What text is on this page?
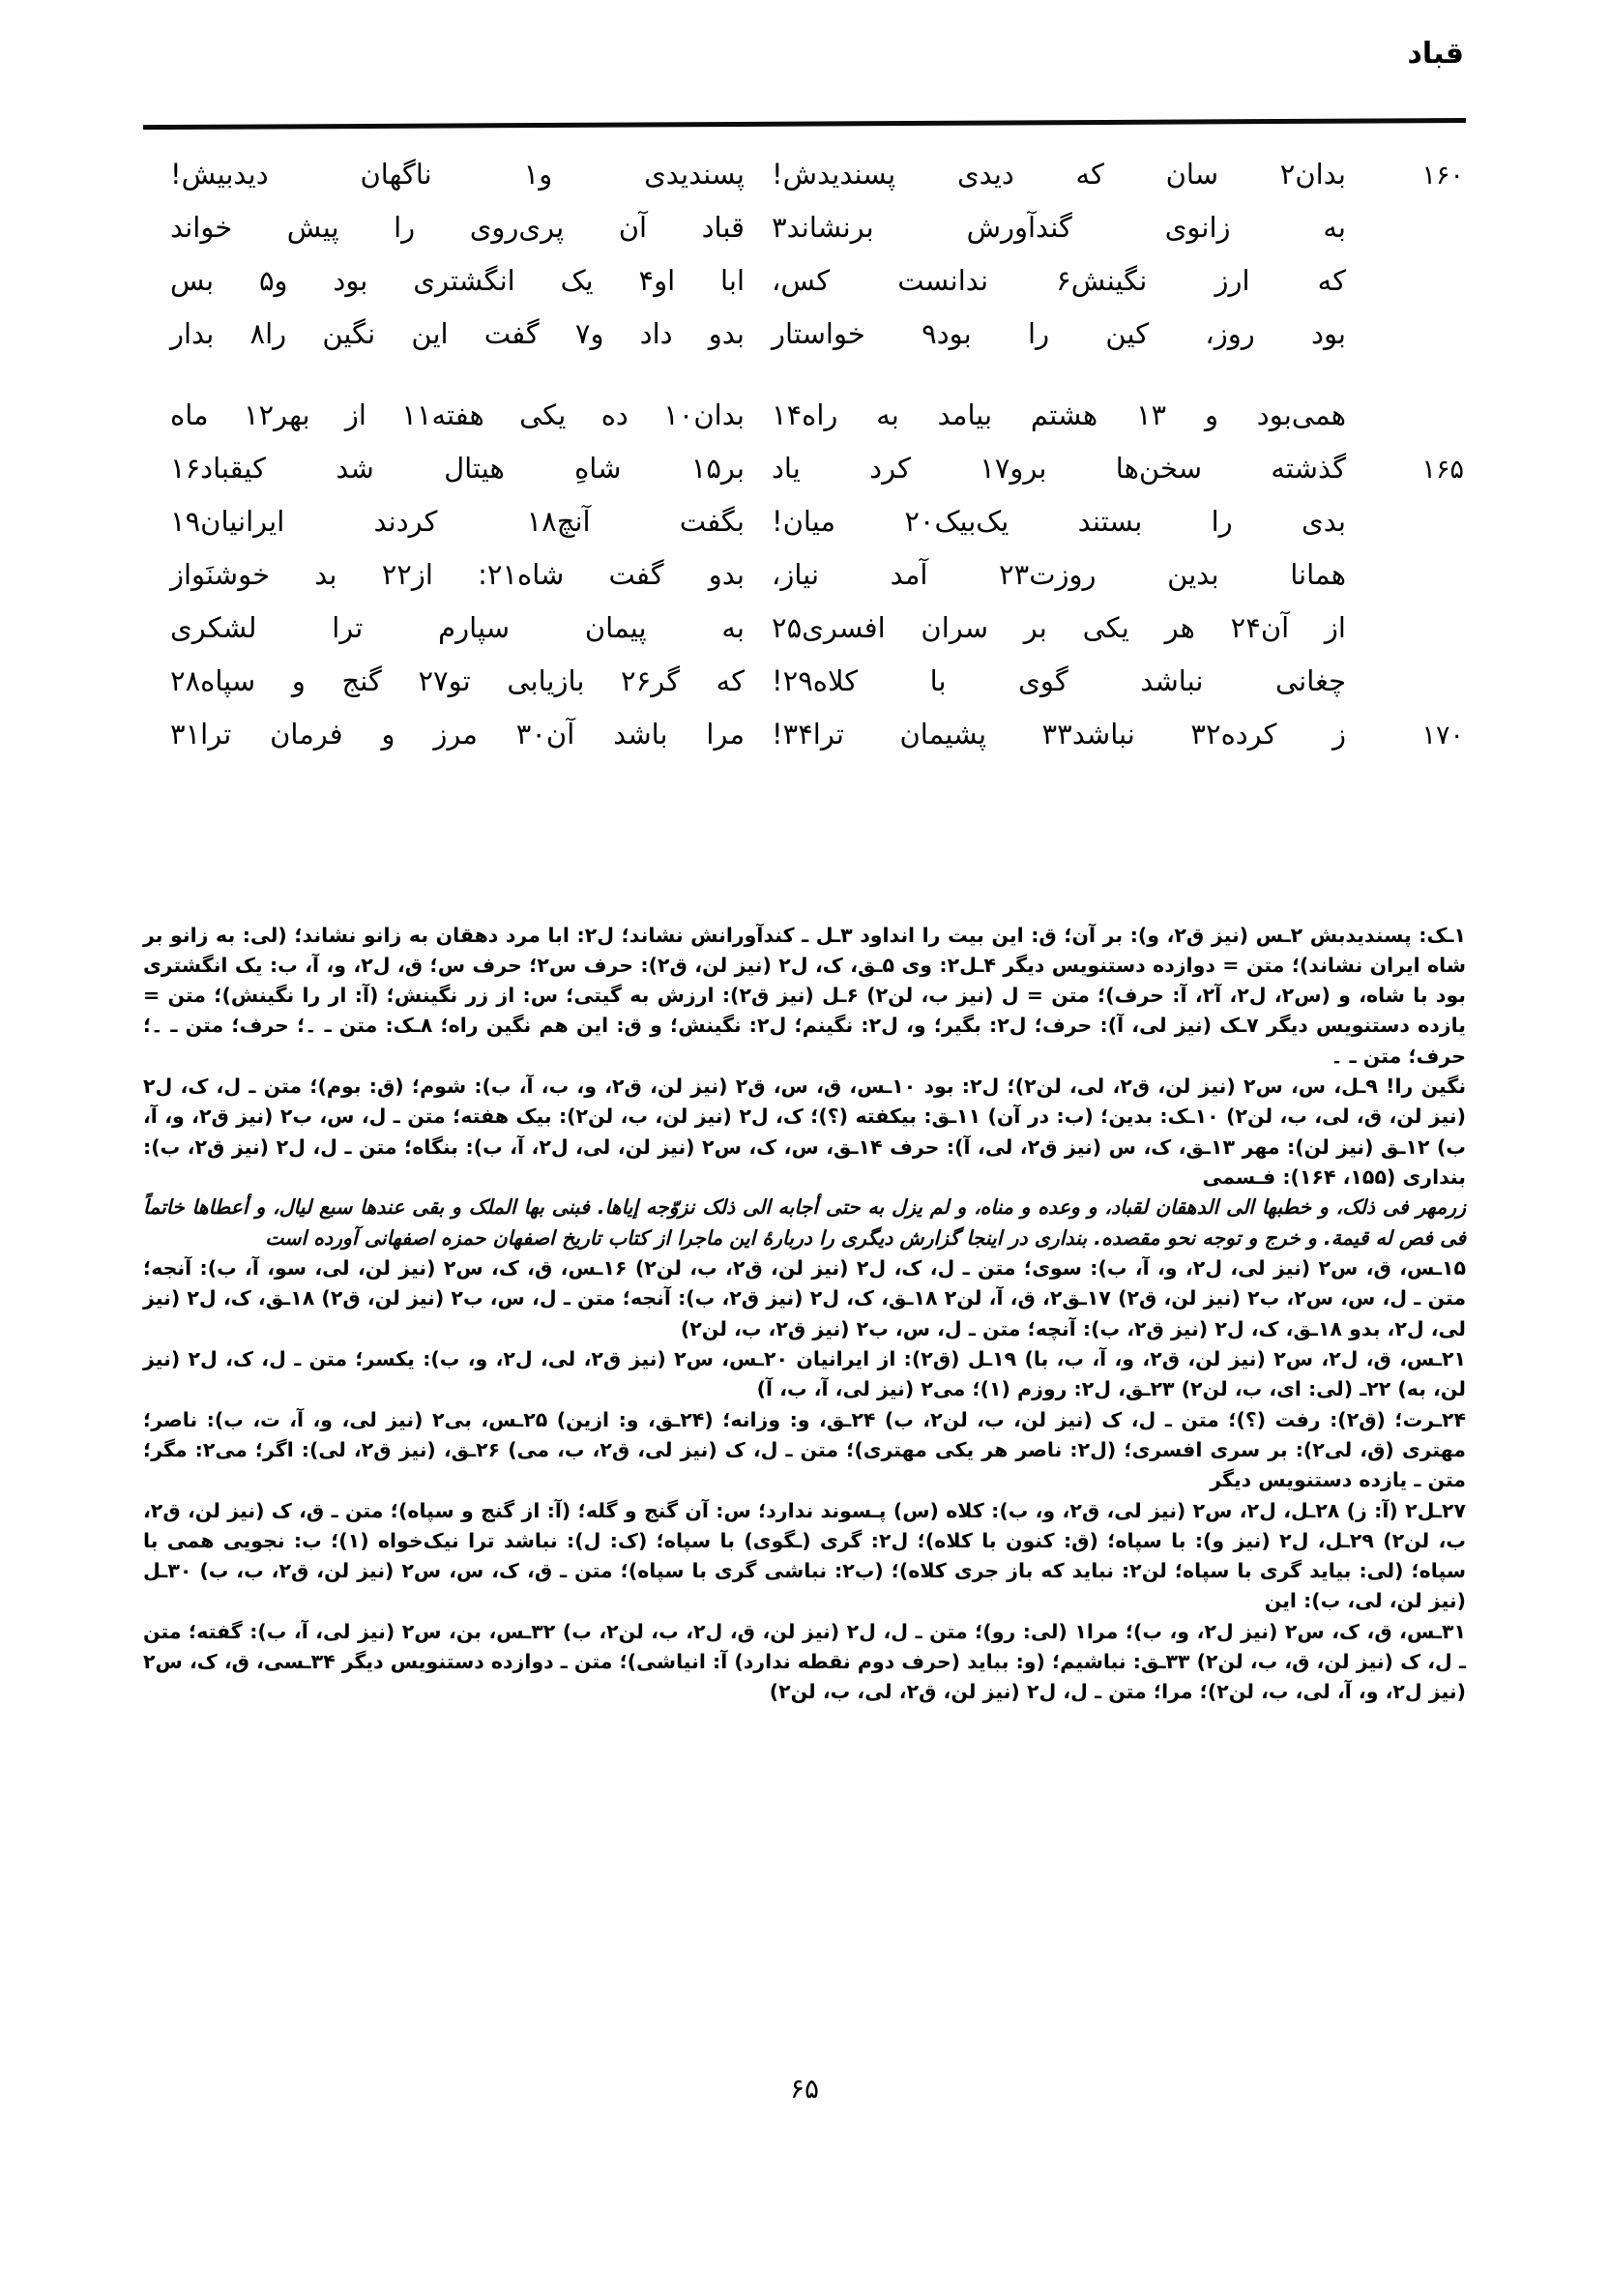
قباد
۱۶۰
بدان۲ سان که دیدی پسندیدش!
پسندیدی و۱ ناگهان دیدبیش!
به زانوی گندآورش برنشاند۳
قباد آن پری‌روی را پیش خواند
که ارز نگینش۶ ندانست کس،
ابا او۴ یک انگشتری بود و۵ بس
بود روز، کین را بود۹ خواستار
بدو داد و۷ گفت این نگین را۸ بدار
همی‌بود و ۱۳ هشتم بیامد به راه۱۴
بدان۱۰ ده یکی هفته۱۱ از بهر۱۲ ماه
۱۶۵
گذشته سخن‌ها برو۱۷ کرد یاد
بر۱۵ شاهِ هیتال شد کیقباد۱۶
بدی را بستند یک‌بیک۲۰ میان!
بگفت آنچ۱۸ کردند ایرانیان۱۹
همانا بدین روزت۲۳ آمد نیاز،
بدو گفت شاه۲۱: از۲۲ بد خوشنَواز
از آن۲۴ هر یکی بر سران افسری۲۵
به پیمان سپارم ترا لشکری
چغانی نباشد گوی با کلاه۲۹!
که گر۲۶ بازیابی تو۲۷ گنج و سپاه۲۸
۱۷۰
ز کرده۳۲ نباشد۳۳ پشیمان ترا۳۴!
مرا باشد آن۳۰ مرز و فرمان ترا۳۱

۱ـک: پسندیدبش ۲ـس (نیز ق۲، و): بر آن؛ ق: این بیت را انداود ۳ـل ـ کندآورانش نشاند؛ ل۲: ابا مرد دهقان به زانو نشاند؛ (لی: به زانو بر شاه ایران نشاند)؛ متن = دوازده دستنویس دیگر ۴ـل۲: وی ۵ـق، ک، ل۲ (نیز لن، ق۲): حرف س۲؛ حرف س؛ ق، ل۲، و، آ، ب: یک انگشتری بود با شاه، و (س۲، ل۲، آ۲، آ: حرف)؛ متن = ل (نیز ب، لن۲) ۶ـل (نیز ق۲): ارزش به گیتی؛ س: از زر نگینش؛ (آ: ار را نگینش)؛ متن = یازده دستنویس دیگر ۷ـک (نیز لی، آ): حرف؛ ل۲: بگیر؛ و، ل۲: نگینم؛ ل۲: نگینش؛ و ق: این هم نگین راه؛ ۸ـک: متن ـ ۔؛ حرف؛ متن ـ ۔؛ حرف؛ متن ـ ۔

نگین را! ۹ـل، س، س۲ (نیز لن، ق۲، لی، لن۲)؛ ل۲: بود ۱۰ـس، ق، س، ق۲ (نیز لن، ق۲، و، ب، آ، ب): شوم؛ (ق: بوم)؛ متن ـ ل، ک، ل۲ (نیز لن، ق، لی، ب، لن۲) ۱۰ـک: بدین؛ (ب: در آن) ۱۱ـق: بیکفته (؟)؛ ک، ل۲ (نیز لن، ب، لن۲): بیک هفته؛ متن ـ ل، س، ب۲ (نیز ق۲، و، آ، ب) ۱۲ـق (نیز لن): مهر ۱۳ـق، ک، س (نیز ق۲، لی، آ): حرف ۱۴ـق، س، ک، س۲ (نیز لن، لی، ل۲، آ، ب): بنگاه؛ متن ـ ل، ل۲ (نیز ق۲، ب): بنداری (۱۵۵، ۱۶۴): فـسمی

زرمهر فی ذلک، و خطبها الی الدهقان لقباد، و وعده و مناه، و لم یزل به حتی أجابه الی ذلک نزوّجه إیاها. فبنی بها الملک و بقی عندها سبع لیال، و أعطاها خاتماً فی فص له قیمة. و خرج و توجه نحو مقصده. بنداری در اینجا گزارش دیگری را دربارهٔ این ماجرا از کتاب تاریخ اصفهان حمزه اصفهانی آورده است

۱۵ـس، ق، س۲ (نیز لی، ل۲، و، آ، ب): سوی؛ متن ـ ل، ک، ل۲ (نیز لن، ق۲، ب، لن۲) ۱۶ـس، ق، ک، س۲ (نیز لن، لی، سو، آ، ب): آنجه؛ متن ـ ل، س، س۲، ب۲ (نیز لن، ق۲) ۱۷ـق۲، ق، آ، لن۲ ۱۸ـق، ک، ل۲ (نیز ق۲، ب): آنجه؛ متن ـ ل، س، ب۲ (نیز لن، ق۲) ۱۸ـق، ک، ل۲ (نیز لی، ل۲، بدو ۱۸ـق، ک، ل۲ (نیز ق۲، ب): آنچه؛ متن ـ ل، س، ب۲ (نیز ق۲، ب، لن۲)

۲۱ـس، ق، ل۲، س۲ (نیز لن، ق۲، و، آ، ب، با) ۱۹ـل (ق۲): از ایرانیان ۲۰ـس، س۲ (نیز ق۲، لی، ل۲، و، ب): یکسر؛ متن ـ ل، ک، ل۲ (نیز لن، به) ۲۲ـ (لی: ای، ب، لن۲) ۲۳ـق، ل۲: روزم (۱)؛ می۲ (نیز لی، آ، ب، آ)

۲۴ـرت؛ (ق۲): رفت (؟)؛ متن ـ ل، ک (نیز لن، ب، لن۲، ب) ۲۴ـق، و: وزانه؛ (۲۴ـق، و: ازین) ۲۵ـس، بی۲ (نیز لی، و، آ، ت، ب): ناصر؛ مهتری (ق، لی۲): بر سری افسری؛ (ل۲: ناصر هر یکی مهتری)؛ متن ـ ل، ک (نیز لی، ق۲، ب، می) ۲۶ـق، (نیز ق۲، لی): اگر؛ می۲: مگر؛ متن ـ یازده دستنویس دیگر

۲۷ـل۲ (آ: ز) ۲۸ـل، ل۲، س۲ (نیز لی، ق۲، و، ب): کلاه (س) پـسوند ندارد؛ س: آن گنج و گله؛ (آ: از گنج و سپاه)؛ متن ـ ق، ک (نیز لن، ق۲، ب، لن۲) ۲۹ـل، ل۲ (نیز و): با سپاه؛ (ق: کنون با کلاه)؛ ل۲: گری (ـگوی) با سپاه؛ (ک: ل): نباشد ترا نیک‌خواه (۱)؛ ب: نجویی همی با سپاه؛ (لی: بیاید گری با سپاه؛ لن۲: نباید که باز جری کلاه)؛ (ب۲: نباشی گری با سپاه)؛ متن ـ ق، ک، س، س۲ (نیز لن، ق۲، ب، ب) ۳۰ـل (نیز لن، لی، ب): این

۳۱ـس، ق، ک، س۲ (نیز ل۲، و، ب)؛ مرا۱ (لی: رو)؛ متن ـ ل، ل۲ (نیز لن، ق، ل۲، ب، لن۲، ب) ۳۲ـس، بن، س۲ (نیز لی، آ، ب): گفته؛ متن ـ ل، ک (نیز لن، ق، ب، لن۲) ۳۳ـق: نباشیم؛ (و: بباید (حرف دوم نقطه ندارد) آ: انیاشی)؛ متن ـ دوازده دستنویس دیگر ۳۴ـسی، ق، ک، س۲ (نیز ل۲، و، آ، لی، ب، لن۲)؛ مرا؛ متن ـ ل، ل۲ (نیز لن، ق۲، لی، ب، لن۲)

۶۵
